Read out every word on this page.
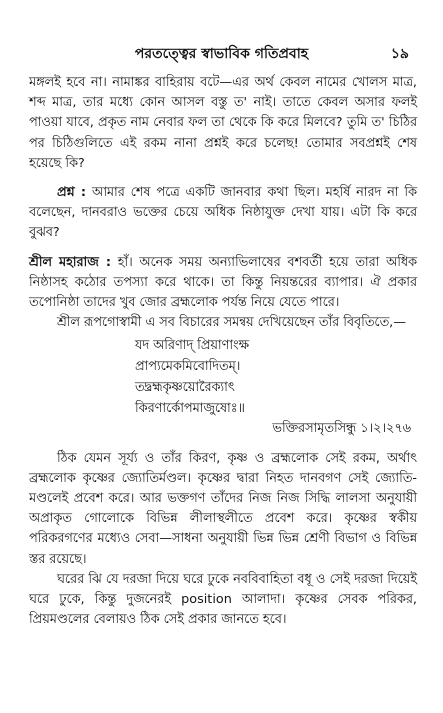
পরতত্ত্বের স্বাভাবিক গতিপ্রবাহ	১৯

মঙ্গলই হবে না। নামাঙ্কর বাহিরায় বটে—এর অর্থ কেবল নামের খোলস মাত্র, শব্দ মাত্র, তার মধ্যে কোন আসল বস্তু ত' নাই। তাতে কেবল অসার ফলই পাওয়া যাবে, প্রকৃত নাম নেবার ফল তা থেকে কি করে মিলবে? তুমি ত' চিঠির পর চিঠিগুলিতে এই রকম নানা প্রশ্নই করে চলেছ! তোমার সবপ্রশ্নই শেষ হয়েছে কি?

প্রশ্ন : আমার শেষ পত্রে একটি জানবার কথা ছিল। মহর্ষি নারদ না কি বলেছেন, দানবরাও ভক্তের চেয়ে অধিক নিষ্ঠাযুক্ত দেখা যায়। এটা কি করে বুঝব?

শ্রীল মহারাজ : হাঁ। অনেক সময় অন্যাভিলাষের বশবর্তী হয়ে তারা অধিক নিষ্ঠাসহ কঠোর তপস্যা করে থাকে। তা কিন্তু নিয়ন্তরের ব্যাপার। ঐ প্রকার তপোনিষ্ঠা তাদের খুব জোর ব্রহ্মলোক পর্যন্ত নিয়ে যেতে পারে।

শ্রীল রূপগোস্বামী এ সব বিচারের সমন্বয় দেখিয়েছেন তাঁর বিবৃতিতে,—

যদ অরিণাদ্ প্রিয়াণাংক্ষ
প্রাপ্যমেকমিবোদিতম্।
তদ্ব্রহ্মকৃষ্ণয়োরৈক্যাৎ
কিরণার্কোপমাজুষোঃ॥

ভক্তিরসামৃতসিন্ধু ১।২।২৭৬

ঠিক যেমন সূর্য্য ও তাঁর কিরণ, কৃষ্ণ ও ব্রহ্মলোক সেই রকম, অর্থাৎ ব্রহ্মলোক কৃষ্ণের জ্যোতির্মণ্ডল। কৃষ্ণের দ্বারা নিহত দানবগণ সেই জ্যোতি-মণ্ডলেই প্রবেশ করে। আর ভক্তগণ তাঁদের নিজ নিজ সিদ্ধি লালসা অনুযায়ী অপ্রাকৃত গোলোকে বিভিন্ন লীলাস্থলীতে প্রবেশ করে। কৃষ্ণের স্বকীয় পরিকরগণের মধ্যেও সেবা—সাধনা অনুযায়ী ভিন্ন ভিন্ন শ্রেণী বিভাগ ও বিভিন্ন স্তর রয়েছে।

ঘরের ঝি যে দরজা দিয়ে ঘরে ঢুকে নববিবাহিতা বধূ ও সেই দরজা দিয়েই ঘরে ঢুকে, কিন্তু দুজনেরই position আলাদা। কৃষ্ণের সেবক পরিকর, প্রিয়মণ্ডলের বেলায়ও ঠিক সেই প্রকার জানতে হবে।
